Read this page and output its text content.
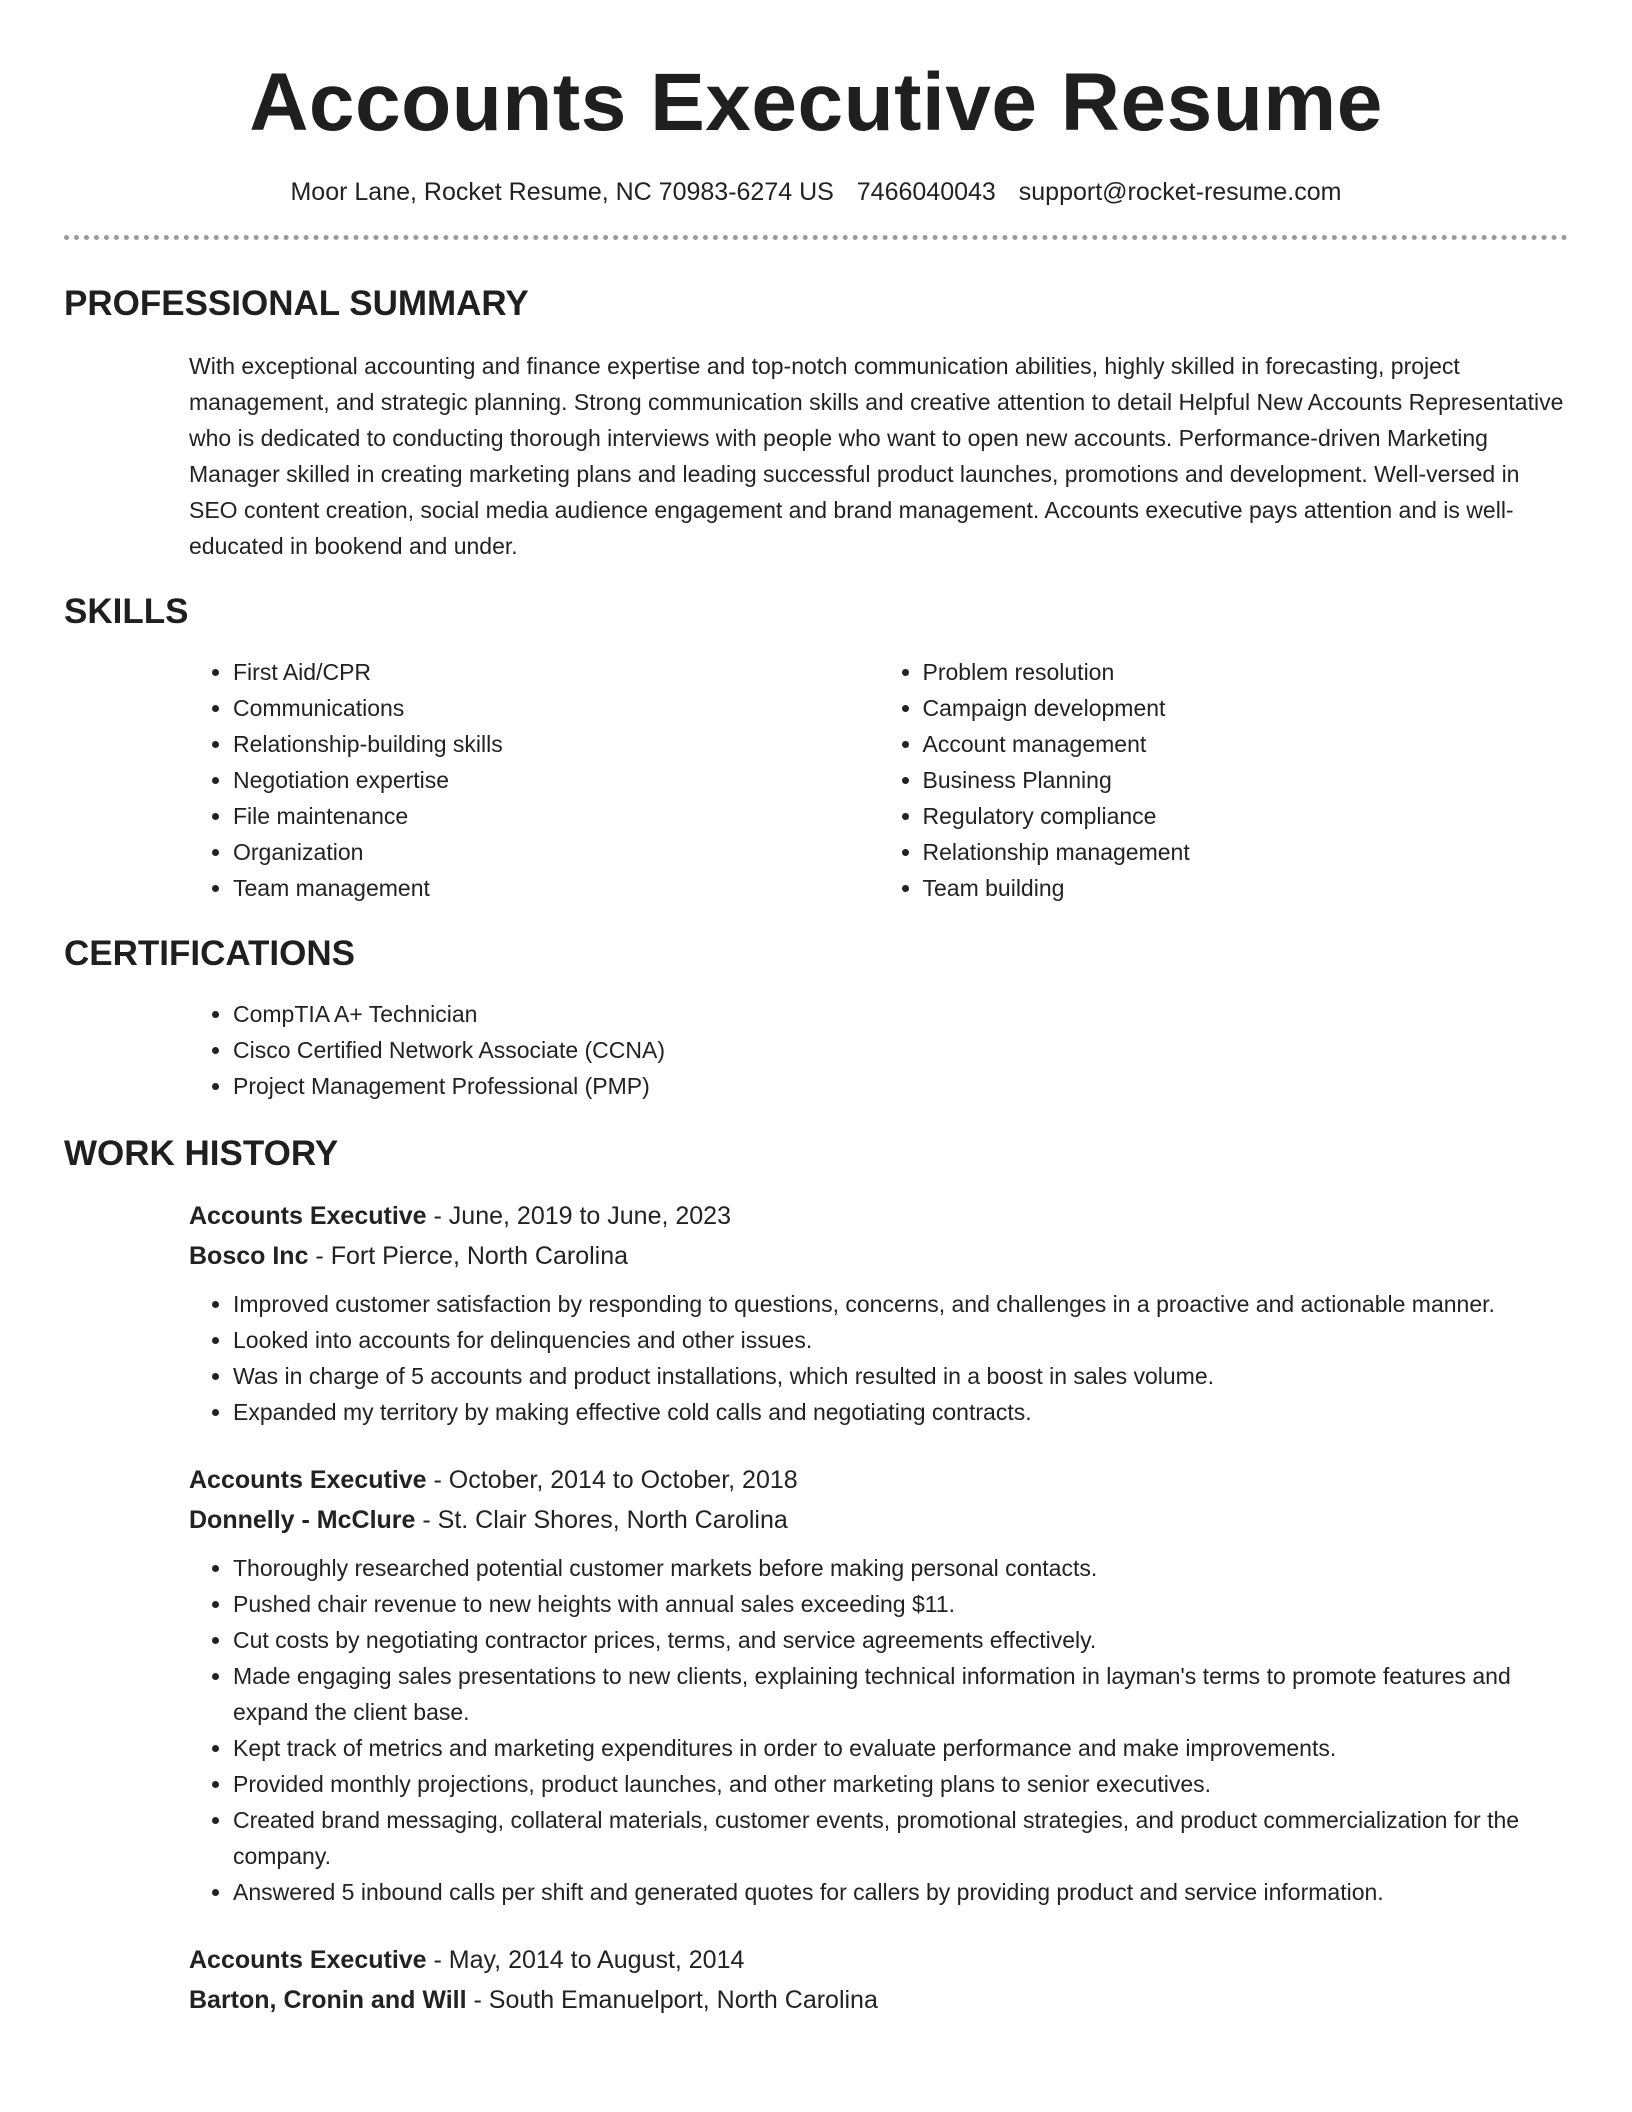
Accounts Executive Resume
Moor Lane, Rocket Resume, NC 70983-6274 US 7466040043 support@rocket-resume.com
PROFESSIONAL SUMMARY
With exceptional accounting and finance expertise and top-notch communication abilities, highly skilled in forecasting, project management, and strategic planning. Strong communication skills and creative attention to detail Helpful New Accounts Representative who is dedicated to conducting thorough interviews with people who want to open new accounts. Performance-driven Marketing Manager skilled in creating marketing plans and leading successful product launches, promotions and development. Well-versed in SEO content creation, social media audience engagement and brand management. Accounts executive pays attention and is well-educated in bookend and under.
SKILLS
• First Aid/CPR
• Communications
• Relationship-building skills
• Negotiation expertise
• File maintenance
• Organization
• Team management
• Problem resolution
• Campaign development
• Account management
• Business Planning
• Regulatory compliance
• Relationship management
• Team building
CERTIFICATIONS
• CompTIA A+ Technician
• Cisco Certified Network Associate (CCNA)
• Project Management Professional (PMP)
WORK HISTORY
Accounts Executive - June, 2019 to June, 2023
Bosco Inc - Fort Pierce, North Carolina
• Improved customer satisfaction by responding to questions, concerns, and challenges in a proactive and actionable manner.
• Looked into accounts for delinquencies and other issues.
• Was in charge of 5 accounts and product installations, which resulted in a boost in sales volume.
• Expanded my territory by making effective cold calls and negotiating contracts.
Accounts Executive - October, 2014 to October, 2018
Donnelly - McClure - St. Clair Shores, North Carolina
• Thoroughly researched potential customer markets before making personal contacts.
• Pushed chair revenue to new heights with annual sales exceeding $11.
• Cut costs by negotiating contractor prices, terms, and service agreements effectively.
• Made engaging sales presentations to new clients, explaining technical information in layman's terms to promote features and expand the client base.
• Kept track of metrics and marketing expenditures in order to evaluate performance and make improvements.
• Provided monthly projections, product launches, and other marketing plans to senior executives.
• Created brand messaging, collateral materials, customer events, promotional strategies, and product commercialization for the company.
• Answered 5 inbound calls per shift and generated quotes for callers by providing product and service information.
Accounts Executive - May, 2014 to August, 2014
Barton, Cronin and Will - South Emanuelport, North Carolina
